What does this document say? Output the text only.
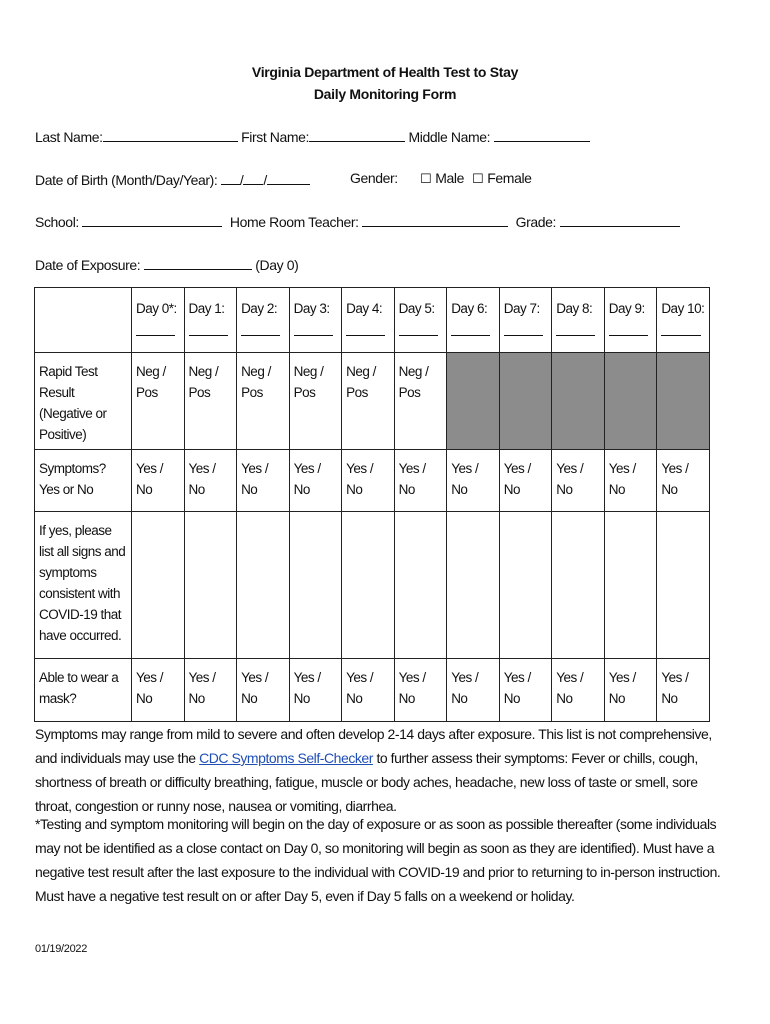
Virginia Department of Health Test to Stay
Daily Monitoring Form
Last Name:	First Name:	Middle Name:
Date of Birth (Month/Day/Year): / /	Gender: ☐ Male ☐ Female
School:	Home Room Teacher:	Grade:
Date of Exposure:	(Day 0)
	Day 0*:	Day 1:	Day 2:	Day 3:	Day 4:	Day 5:	Day 6:	Day 7:	Day 8:	Day 9:	Day 10:

Rapid Test Result (Negative or Positive)	Neg / Pos	Neg / Pos	Neg / Pos	Neg / Pos	Neg / Pos	Neg / Pos					
Symptoms? Yes or No	Yes / No	Yes / No	Yes / No	Yes / No	Yes / No	Yes / No	Yes / No	Yes / No	Yes / No	Yes / No	Yes / No
If yes, please list all signs and symptoms consistent with COVID-19 that have occurred.											
Able to wear a mask?	Yes / No	Yes / No	Yes / No	Yes / No	Yes / No	Yes / No	Yes / No	Yes / No	Yes / No	Yes / No	Yes / No
Symptoms may range from mild to severe and often develop 2-14 days after exposure. This list is not comprehensive, and individuals may use the CDC Symptoms Self-Checker to further assess their symptoms: Fever or chills, cough, shortness of breath or difficulty breathing, fatigue, muscle or body aches, headache, new loss of taste or smell, sore throat, congestion or runny nose, nausea or vomiting, diarrhea.
*Testing and symptom monitoring will begin on the day of exposure or as soon as possible thereafter (some individuals may not be identified as a close contact on Day 0, so monitoring will begin as soon as they are identified). Must have a negative test result after the last exposure to the individual with COVID-19 and prior to returning to in-person instruction. Must have a negative test result on or after Day 5, even if Day 5 falls on a weekend or holiday.
01/19/2022
